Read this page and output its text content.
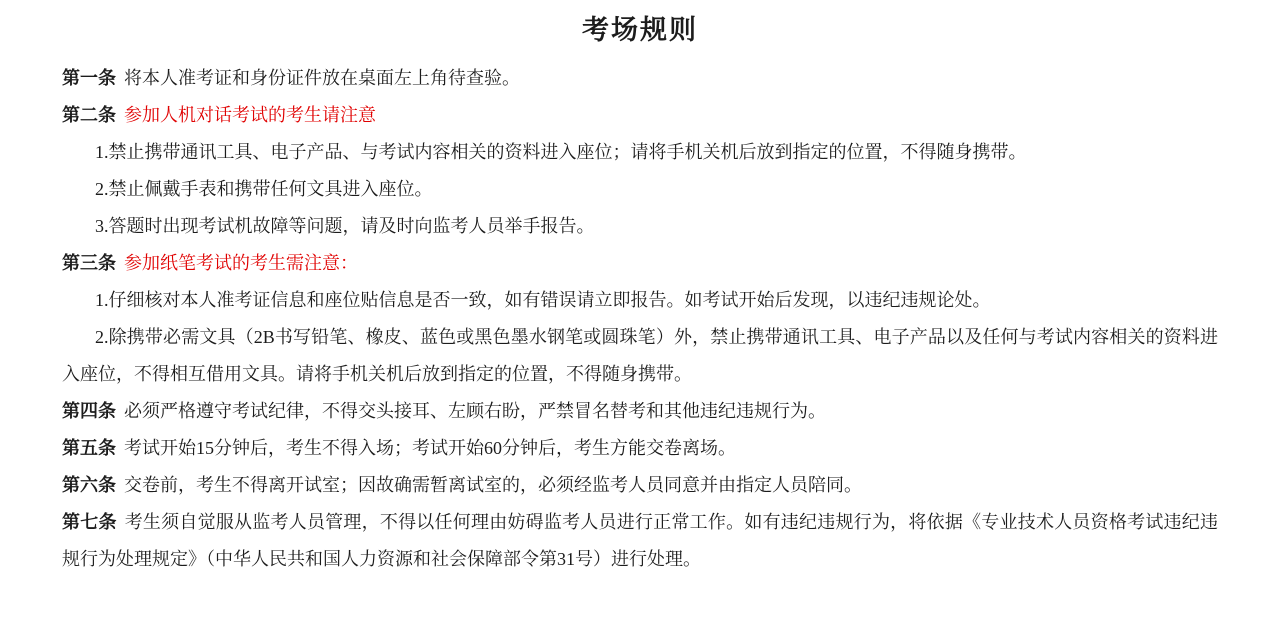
考场规则

第一条 将本人准考证和身份证件放在桌面左上角待查验。

第二条 参加人机对话考试的考生请注意

1.禁止携带通讯工具、电子产品、与考试内容相关的资料进入座位；请将手机关机后放到指定的位置，不得随身携带。

2.禁止佩戴手表和携带任何文具进入座位。

3.答题时出现考试机故障等问题，请及时向监考人员举手报告。

第三条 参加纸笔考试的考生需注意：

1.仔细核对本人准考证信息和座位贴信息是否一致，如有错误请立即报告。如考试开始后发现，以违纪违规论处。

2.除携带必需文具（2B书写铅笔、橡皮、蓝色或黑色墨水钢笔或圆珠笔）外，禁止携带通讯工具、电子产品以及任何与考试内容相关的资料进入座位，不得相互借用文具。请将手机关机后放到指定的位置，不得随身携带。

第四条 必须严格遵守考试纪律，不得交头接耳、左顾右盼，严禁冒名替考和其他违纪违规行为。

第五条 考试开始15分钟后，考生不得入场；考试开始60分钟后，考生方能交卷离场。

第六条 交卷前，考生不得离开试室；因故确需暂离试室的，必须经监考人员同意并由指定人员陪同。

第七条 考生须自觉服从监考人员管理，不得以任何理由妨碍监考人员进行正常工作。如有违纪违规行为，将依据《专业技术人员资格考试违纪违规行为处理规定》（中华人民共和国人力资源和社会保障部令第31号）进行处理。
